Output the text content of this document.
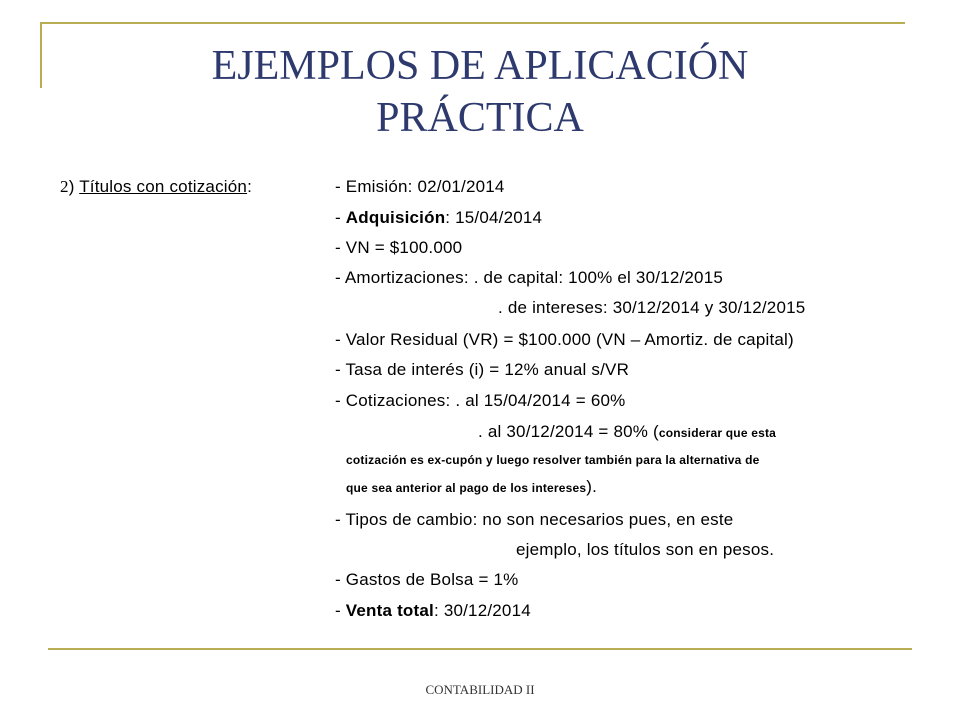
EJEMPLOS DE APLICACIÓN
PRÁCTICA
2) Títulos con cotización:	- Emisión: 02/01/2014
- Adquisición: 15/04/2014
- VN = $100.000
- Amortizaciones: . de capital: 100% el 30/12/2015
. de intereses: 30/12/2014 y 30/12/2015
- Valor Residual (VR) = $100.000 (VN – Amortiz. de capital)
- Tasa de interés (i) = 12% anual s/VR
- Cotizaciones: . al 15/04/2014 = 60%
. al 30/12/2014 = 80% (considerar que esta
cotización es ex-cupón y luego resolver también para la alternativa de
que sea anterior al pago de los intereses).
- Tipos de cambio: no son necesarios pues, en este
ejemplo, los títulos son en pesos.
- Gastos de Bolsa = 1%
- Venta total: 30/12/2014
CONTABILIDAD II
